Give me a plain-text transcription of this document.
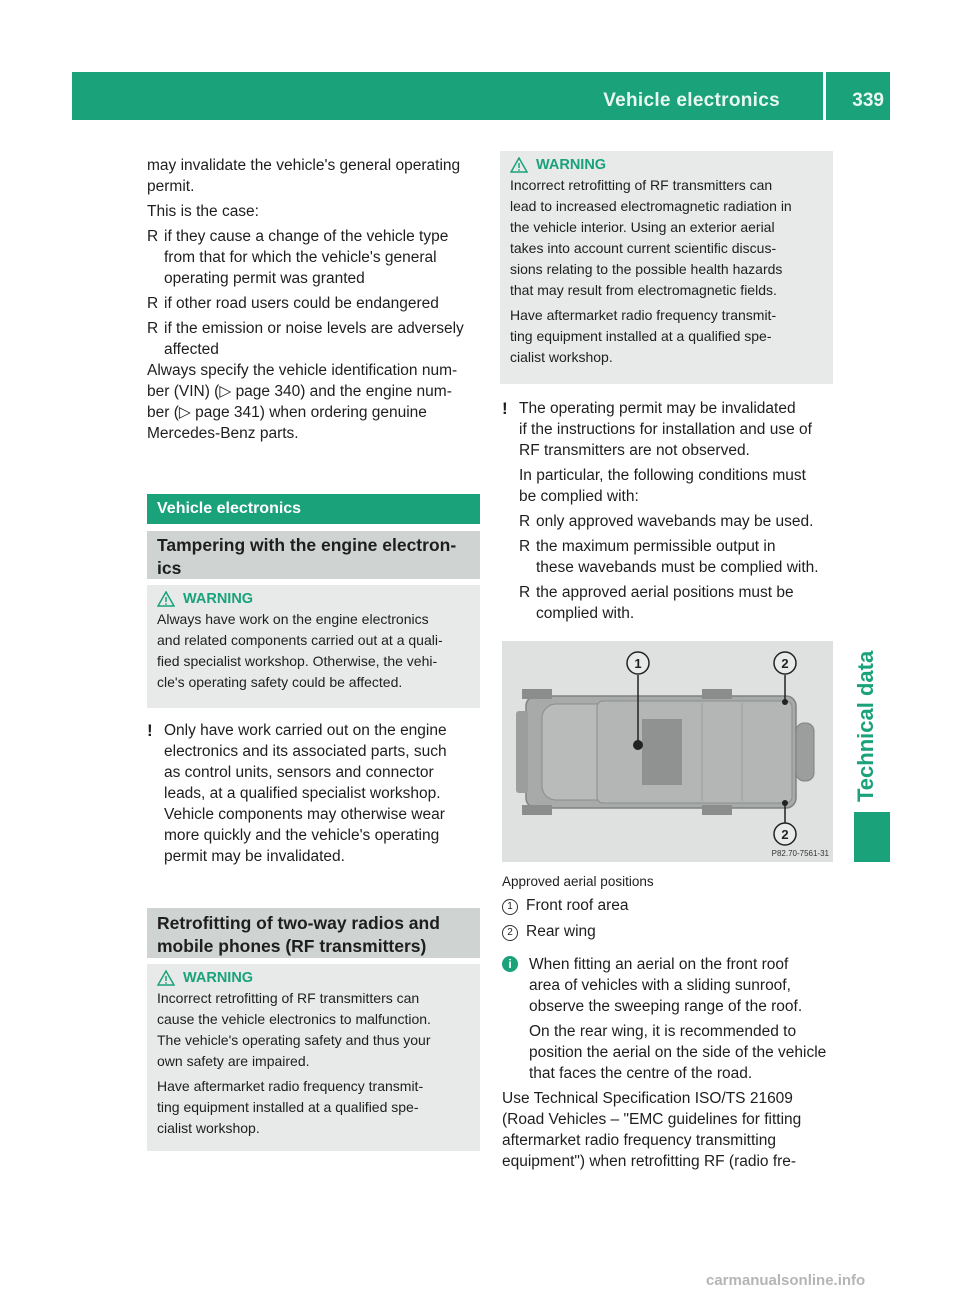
Vehicle electronics	339
Technical data

may invalidate the vehicle's general operating

permit.

This is the case:

R if they cause a change of the vehicle type

from that for which the vehicle's general

operating permit was granted

R if other road users could be endangered

R if the emission or noise levels are adversely

affected

Always specify the vehicle identification num-

ber (VIN) (▷ page 340) and the engine num-

ber (▷ page 341) when ordering genuine

Mercedes-Benz parts.

Vehicle electronics
Tampering with the engine electron-
ics
WARNING

Always have work on the engine electronics

and related components carried out at a quali-

fied specialist workshop. Otherwise, the vehi-

cle's operating safety could be affected.

! Only have work carried out on the engine

electronics and its associated parts, such

as control units, sensors and connector

leads, at a qualified specialist workshop.

Vehicle components may otherwise wear

more quickly and the vehicle's operating

permit may be invalidated.

Retrofitting of two-way radios and
mobile phones (RF transmitters)
WARNING

Incorrect retrofitting of RF transmitters can

cause the vehicle electronics to malfunction.

The vehicle's operating safety and thus your

own safety are impaired.

Have aftermarket radio frequency transmit-

ting equipment installed at a qualified spe-

cialist workshop.

WARNING

Incorrect retrofitting of RF transmitters can

lead to increased electromagnetic radiation in

the vehicle interior. Using an exterior aerial

takes into account current scientific discus-

sions relating to the possible health hazards

that may result from electromagnetic fields.

Have aftermarket radio frequency transmit-

ting equipment installed at a qualified spe-

cialist workshop.

! The operating permit may be invalidated

if the instructions for installation and use of

RF transmitters are not observed.

In particular, the following conditions must

be complied with:

R only approved wavebands may be used.

R the maximum permissible output in

these wavebands must be complied with.

R the approved aerial positions must be

complied with.

1	2
2
P82.70-7561-31
Approved aerial positions
1 Front roof area
2 Rear wing
i	When fitting an aerial on the front roof

area of vehicles with a sliding sunroof,

observe the sweeping range of the roof.

On the rear wing, it is recommended to

position the aerial on the side of the vehicle

that faces the centre of the road.

Use Technical Specification ISO/TS 21609

(Road Vehicles – "EMC guidelines for fitting

aftermarket radio frequency transmitting

equipment") when retrofitting RF (radio fre-

carmanualsonline.info
